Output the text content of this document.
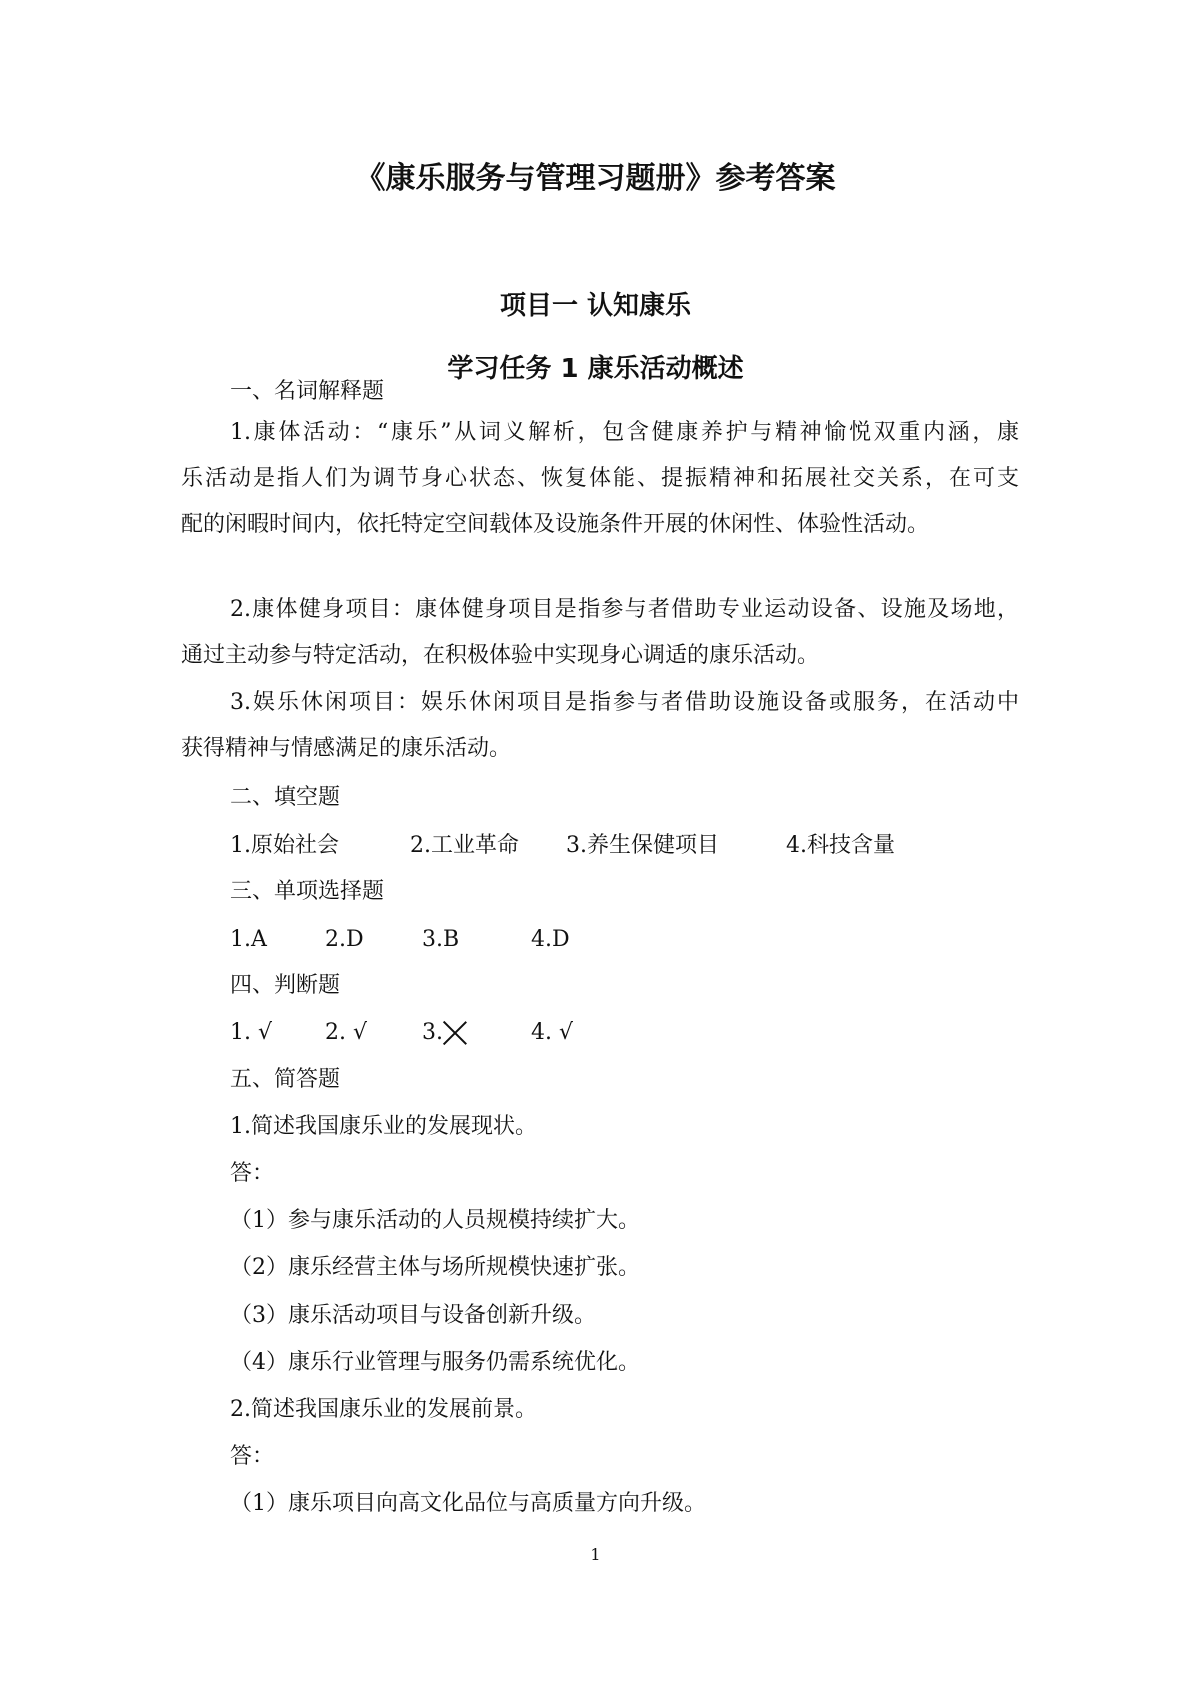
《康乐服务与管理习题册》参考答案
项目一 认知康乐
学习任务 1 康乐活动概述
一、名词解释题
1.康体活动：“康乐”从词义解析，包含健康养护与精神愉悦双重内涵，康
乐活动是指人们为调节身心状态、恢复体能、提振精神和拓展社交关系，在可支
配的闲暇时间内，依托特定空间载体及设施条件开展的休闲性、体验性活动。
2.康体健身项目：康体健身项目是指参与者借助专业运动设备、设施及场地，
通过主动参与特定活动，在积极体验中实现身心调适的康乐活动。
3.娱乐休闲项目：娱乐休闲项目是指参与者借助设施设备或服务，在活动中
获得精神与情感满足的康乐活动。
二、填空题
1.原始社会	2.工业革命 3.养生保健项目	4.科技含量
三、单项选择题
1.A	2.D	3.B	4.D
四、判断题
1. √ 2. √ 3.	4. √
五、简答题
1.简述我国康乐业的发展现状。
答：
（1）参与康乐活动的人员规模持续扩大。
（2）康乐经营主体与场所规模快速扩张。
（3）康乐活动项目与设备创新升级。
（4）康乐行业管理与服务仍需系统优化。
2.简述我国康乐业的发展前景。
答：
（1）康乐项目向高文化品位与高质量方向升级。
1
